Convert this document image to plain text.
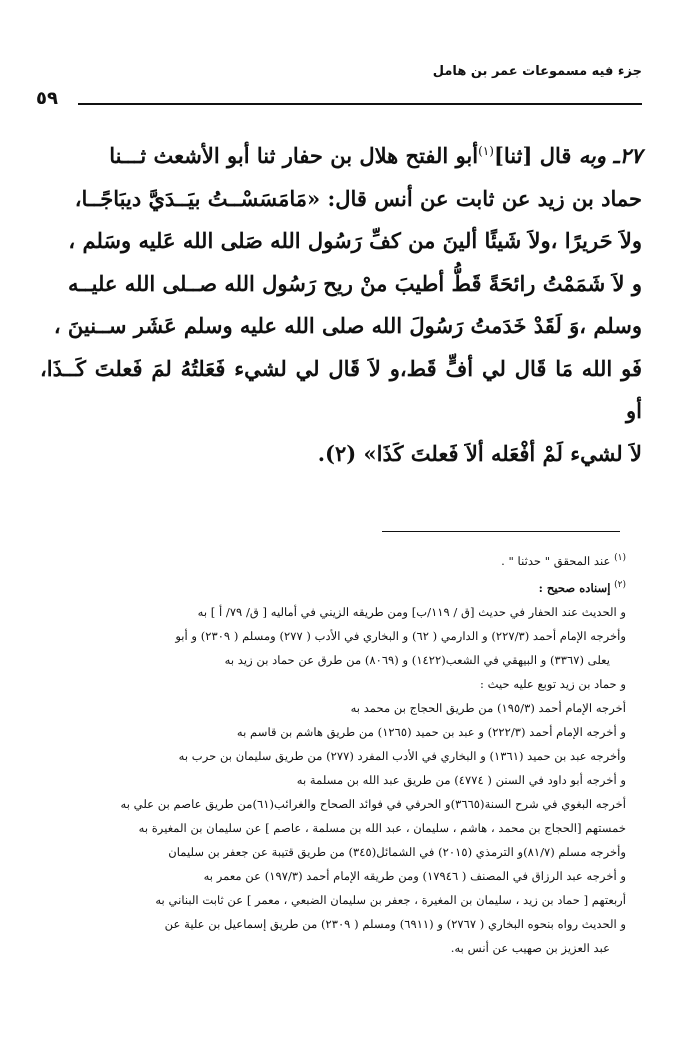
جزء فيه مسموعات عمر بن هامل
٥٩

٢٧ـ وبه قال [ثنا]$^{(١)}$أبو الفتح هلال بن حفار ثنا أبو الأشعث ثـــنا

حماد بن زيد عن ثابت عن أنس قال: «مَامَسَسْــتُ بيَــدَيَّ ديبَاجًــا،

ولاَ حَريرًا ،ولاَ شَيئًا ألينَ من كفِّ رَسُول الله صَلى الله عَليه وسَلم ،

و لاَ شَمَمْتُ رائحَةً قَطُّ أطيبَ منْ ريح رَسُول الله صــلى الله عليــه

وسلم ،وَ لَقَدْ خَدَمتُ رَسُولَ الله صلى الله عليه وسلم عَشَر ســنينَ ،

فَو الله مَا قَال لي أفٍّ قَط،و لاَ قَال لي لشيء فَعَلتُهُ لمَ فَعلتَ كَــذَا، أو

لاَ لشيء لَمْ أفْعَله ألاَ فَعلتَ كَذَا» (٢).

$^{(١)}$ عند المحقق " حدثنا " .

$^{(٢)}$ إسناده صحيح :

و الحديث عند الحفار في حديث [ق / ١١٩/ب] ومن طريقه الزيني في أماليه [ ق/ ٧٩/ أ ] به

وأخرجه الإمام أحمد (٢٢٧/٣) و الدارمي ( ٦٢) و البخاري في الأدب ( ٢٧٧) ومسلم ( ٢٣٠٩) و أبو

يعلى (٣٣٦٧) و البيهقي في الشعب(١٤٢٢) و (٨٠٦٩) من طرق عن حماد بن زيد به

و حماد بن زيد توبع عليه حيث :

أخرجه الإمام أحمد (١٩٥/٣) من طريق الحجاج بن محمد به

و أخرجه الإمام أحمد (٢٢٢/٣) و عبد بن حميد (١٢٦٥) من طريق هاشم بن قاسم به

وأخرجه عبد بن حميد (١٣٦١) و البخاري في الأدب المفرد (٢٧٧) من طريق سليمان بن حرب به

و أخرجه أبو داود في السنن ( ٤٧٧٤) من طريق عبد الله بن مسلمة به

أخرجه البغوي في شرح السنة(٣٦٦٥)و الحرفي في فوائد الصحاح والغرائب(٦١)من طريق عاصم بن علي به

خمستهم [الحجاج بن محمد ، هاشم ، سليمان ، عبد الله بن مسلمة ، عاصم ] عن سليمان بن المغيرة به

وأخرجه مسلم (٨١/٧)و الترمذي (٢٠١٥) في الشمائل(٣٤٥) من طريق قتيبة عن جعفر بن سليمان

و أخرجه عبد الرزاق في المصنف ( ١٧٩٤٦) ومن طريقه الإمام أحمد (١٩٧/٣) عن معمر به

أربعتهم [ حماد بن زيد ، سليمان بن المغيرة ، جعفر بن سليمان الضبعي ، معمر ] عن ثابت البناني به

و الحديث رواه بنحوه البخاري ( ٢٧٦٧) و (٦٩١١) ومسلم ( ٢٣٠٩) من طريق إسماعيل بن علية عن

عبد العزيز بن صهيب عن أنس به.
